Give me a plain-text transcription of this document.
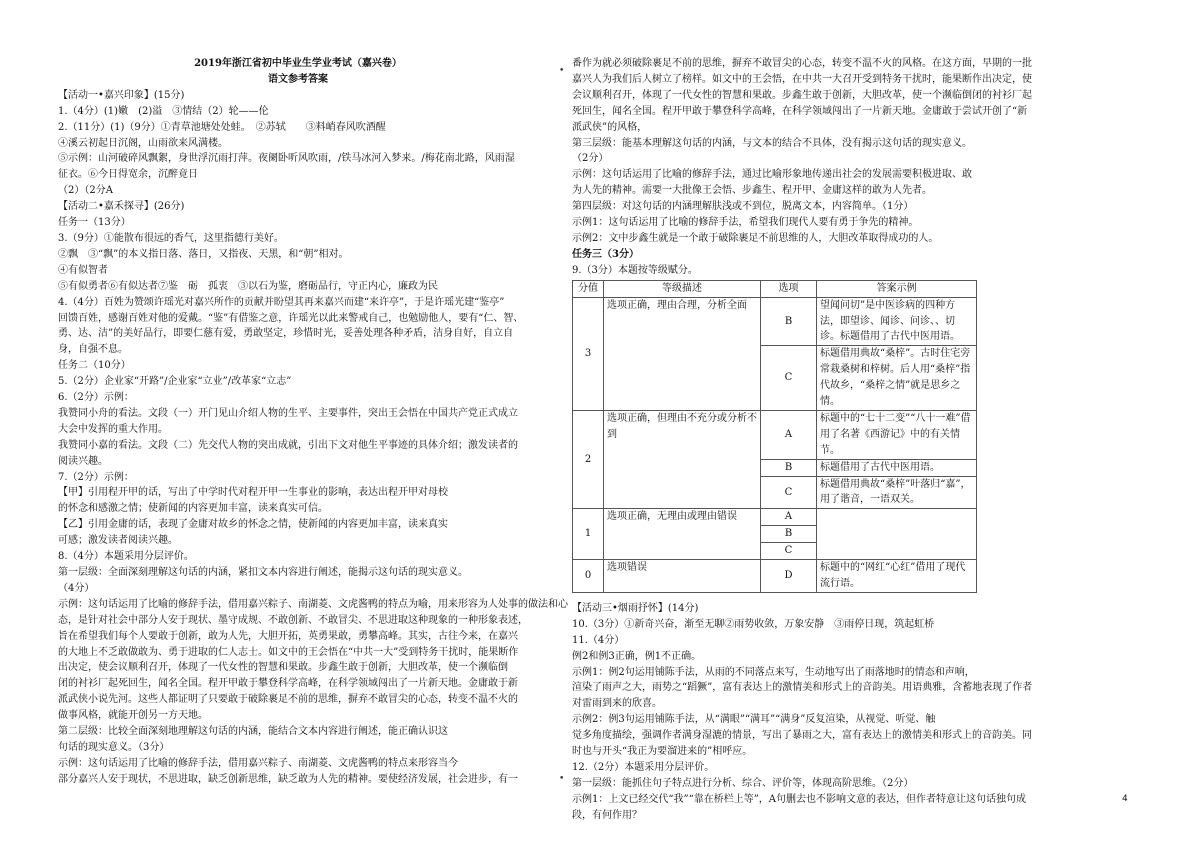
2019年浙江省初中毕业生学业考试（嘉兴卷）
语文参考答案
【活动一•嘉兴印象】(15分)
1.（4分）(1)嫩　(2)溢　③情结（2）轮——伦
2.（11分）(1)（9分）①青草池塘处处蛙。　②苏轼　　③料峭春风吹酒醒
④溪云初起日沉阁，山雨欲来风满楼。
⑤示例：山河破碎风飘絮，身世浮沉雨打萍。夜阑卧听风吹雨，/铁马冰河入梦来。/梅花南北路，风雨湿
征衣。⑥今日得宽余，沉醉竟日
（2）（2分A
【活动二•嘉禾探寻】(26分)
任务一（13分）
3.（9分）①能散布很远的香气，这里指德行美好。
②飘　③“飘”的本义指日落、落日，又指夜、天黑，和“朝”相对。
④有似智者
⑤有似勇者⑥有似达者⑦鉴　砺　孤衷　③以石为鉴，磨砺品行，守正内心，廉政为民
4.（4分）百姓为赞颂许瑶光对嘉兴所作的贡献并盼望其再来嘉兴而建“来许亭”，于是许瑶光建“鉴亭”
回馈百姓，感谢百姓对他的爱戴。“鉴”有借鉴之意，许瑶光以此来警戒自己，也勉励他人，要有“仁、智、
勇、达、洁”的美好品行，即要仁慈有爱，勇敢坚定，珍惜时光，妥善处理各种矛盾，洁身自好，自立自
身，自强不息。
任务二（10分）
5.（2分）企业家“开路”/企业家“立业”/改革家“立志”
6.（2分）示例：
我赞同小舟的看法。文段（一）开门见山介绍人物的生平、主要事件，突出王会悟在中国共产党正式成立
大会中发挥的重大作用。
我赞同小嘉的看法。文段（二）先交代人物的突出成就，引出下文对他生平事迹的具体介绍；激发读者的
阅读兴趣。
7.（2分）示例：
【甲】引用程开甲的话，写出了中学时代对程开甲一生事业的影响，表达出程开甲对母校
的怀念和感激之情；使新闻的内容更加丰富，读来真实可信。
【乙】引用金庸的话，表现了金庸对故乡的怀念之情，使新闻的内容更加丰富，读来真实
可感；激发读者阅读兴趣。
8.（4分）本题采用分层评价。
第一层级：全面深刻理解这句话的内涵，紧扣文本内容进行阐述，能揭示这句话的现实意义。
（4分）
示例：这句话运用了比喻的修辞手法，借用嘉兴粽子、南湖菱、文虎酱鸭的特点为喻，用来形容为人处事的做法和心
态，是针对社会中部分人安于现状、墨守成规、不敢创新、不敢冒尖、不思进取这种现象的一种形象表述，
旨在希望我们每个人要敢于创新，敢为人先，大胆开拓，英勇果敢，勇攀高峰。其实，古往今来，在嘉兴
的大地上不乏敢做敢为、勇于进取的仁人志士。如文中的王会悟在“中共一大”受到特务干扰时，能果断作
出决定，使会议顺利召开，体现了一代女性的智慧和果敢。步鑫生敢于创新，大胆改革，使一个濒临倒
闭的衬衫厂起死回生，闻名全国。程开甲敢于攀登科学高峰，在科学领域闯出了一片新天地。金庸敢于新
派武侠小说先河。这些人都证明了只要敢于破除裹足不前的思维，摒弃不敢冒尖的心态，转变不温不火的
做事风格，就能开创另一方天地。
第二层级：比较全面深刻地理解这句话的内涵，能结合文本内容进行阐述，能正确认识这
句话的现实意义。（3分）
示例：这句话运用了比喻的修辞手法，借用嘉兴粽子、南湖菱、文虎酱鸭的特点来形容当今
部分嘉兴人安于现状，不思进取，缺乏创新思维，缺乏敢为人先的精神。要使经济发展，社会进步，有一
•
•
番作为就必须破除裹足不前的思维，摒弃不敢冒尖的心态，转变不温不火的风格。在这方面，早期的一批
嘉兴人为我们后人树立了榜样。如文中的王会悟，在中共一大召开受到特务干扰时，能果断作出决定，使
会议顺利召开，体现了一代女性的智慧和果敢。步鑫生敢于创新，大胆改革，使一个濒临倒闭的衬衫厂起
死回生，闻名全国。程开甲敢于攀登科学高峰，在科学领域闯出了一片新天地。金庸敢于尝试开创了“新
派武侠”的风格，
第三层级：能基本理解这句话的内涵，与文本的结合不具体，没有揭示这句话的现实意义。
（2分）
示例：这句话运用了比喻的修辞手法，通过比喻形象地传递出社会的发展需要积极进取、敢
为人先的精神。需要一大批像王会悟、步鑫生、程开甲、金庸这样的敢为人先者。
第四层级：对这句话的内涵理解肤浅或不到位，脱离文本，内容简单。（1分）
示例1：这句话运用了比喻的修辞手法，希望我们现代人要有勇于争先的精神。
示例2：文中步鑫生就是一个敢于破除裹足不前思维的人，大胆改革取得成功的人。
任务三（3分）
9.（3分）本题按等级赋分。
分值	等级描述	选项	答案示例
3	选项正确，理由合理，分析全面	B	望闻问切”是中医诊病的四种方法，即望诊、闻诊、问诊、、切诊。标题借用了古代中医用语。
		C	标题借用典故“桑梓”。古时住宅旁常栽桑树和梓树。后人用“桑梓”指代故乡，“桑梓之情”就是思乡之情。
2	选项正确，但理由不充分或分析不到	A	标题中的“七十二变”“八十一难”借用了名著《西游记》中的有关情节。
		B	标题借用了古代中医用语。
		C	标题借用典故“桑梓”叶落归“嘉”，用了谐音，一语双关。
1	选项正确，无理由或理由错误	A	
		B	
		C	
0	选项错误	D	标题中的“网红“心红”借用了现代流行语。
【活动三•烟雨抒怀】(14分)
10.（3分）①新奇兴奋，渐至无聊②雨势收敛，万象安静　③雨停日现，筑起虹桥
11.（4分）
例2和例3正确，例1不正确。
示例1：例2句运用铺陈手法，从雨的不同落点来写，生动地写出了雨落地时的情态和声响，
渲染了雨声之大，雨势之“蹈獗”，富有表达上的激情美和形式上的音韵美。用语典雅，含蓄地表现了作者
对雷雨到来的欣喜。
示例2：例3句运用铺陈手法，从“满眼”“满耳”“满身”反复渲染，从视觉、听觉、触
觉多角度描绘，强调作者满身湿漉的情景，写出了暴雨之大，富有表达上的激情美和形式上的音韵美。同
时也与开头“我正为要溜进来的”相呼应。
12.（2分）本题采用分层评价。
第一层级：能抓住句子特点进行分析、综合、评价等，体现高阶思维。（2分）
示例1：上文已经交代“我”“靠在桥栏上等”，A句删去也不影响文意的表达，但作者特意让这句话独句成
段，有何作用？
4
